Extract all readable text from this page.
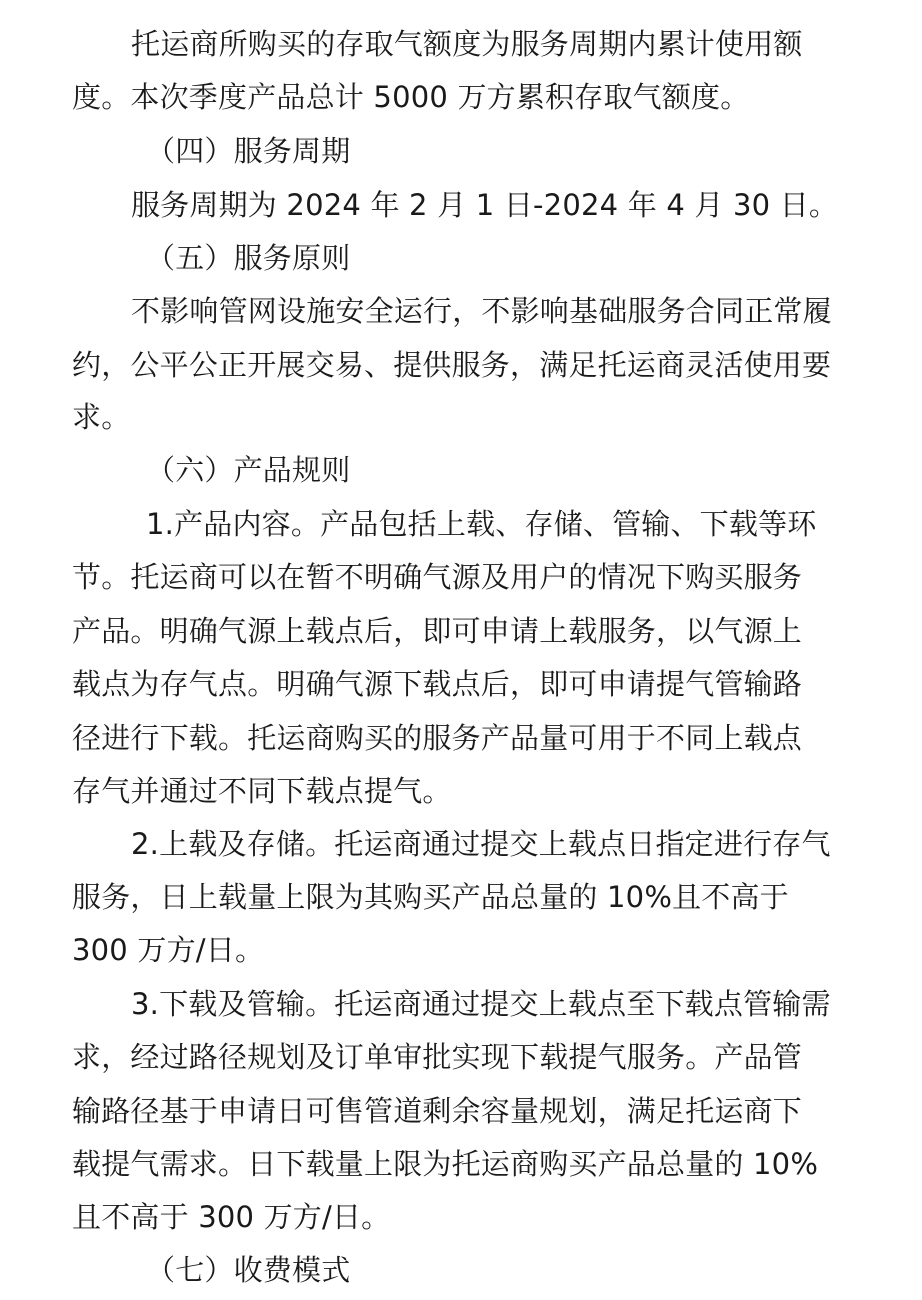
托运商所购买的存取气额度为服务周期内累计使用额
度。本次季度产品总计 5000 万方累积存取气额度。
（四）服务周期
服务周期为 2024 年 2 月 1 日-2024 年 4 月 30 日。
（五）服务原则
不影响管网设施安全运行，不影响基础服务合同正常履
约，公平公正开展交易、提供服务，满足托运商灵活使用要
求。
（六）产品规则
1.产品内容。产品包括上载、存储、管输、下载等环
节。托运商可以在暂不明确气源及用户的情况下购买服务
产品。明确气源上载点后，即可申请上载服务，以气源上
载点为存气点。明确气源下载点后，即可申请提气管输路
径进行下载。托运商购买的服务产品量可用于不同上载点
存气并通过不同下载点提气。
2.上载及存储。托运商通过提交上载点日指定进行存气
服务，日上载量上限为其购买产品总量的 10%且不高于
300 万方/日。
3.下载及管输。托运商通过提交上载点至下载点管输需
求，经过路径规划及订单审批实现下载提气服务。产品管
输路径基于申请日可售管道剩余容量规划，满足托运商下
载提气需求。日下载量上限为托运商购买产品总量的 10%
且不高于 300 万方/日。
（七）收费模式
